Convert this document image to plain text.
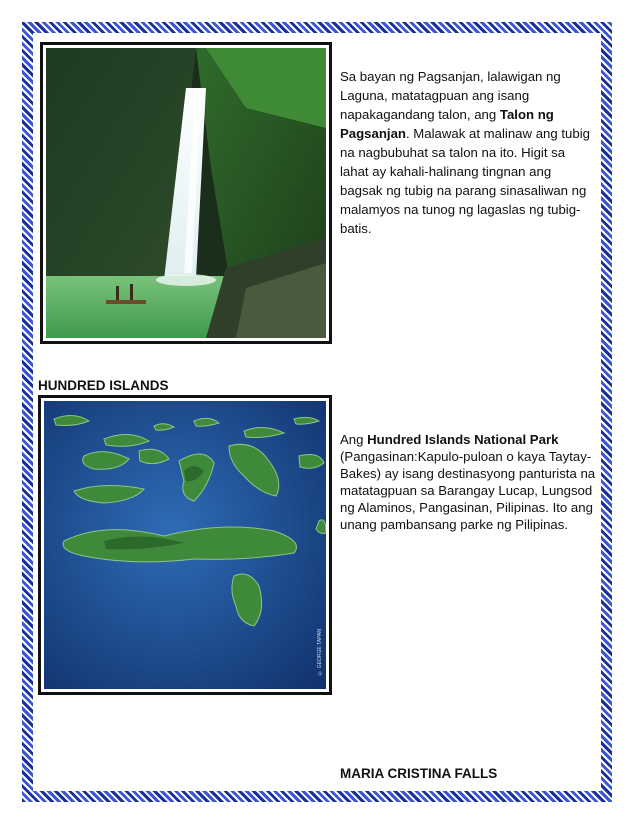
Sa bayan ng Pagsanjan, lalawigan ng Laguna, matatagpuan ang isang napakagandang talon, ang Talon ng Pagsanjan. Malawak at malinaw ang tubig na nagbubuhat sa talon na ito. Higit sa lahat ay kahali-halinang tingnan ang bagsak ng tubig na parang sinasaliwan ng malamyos na tunog ng lagaslas ng tubig-batis.
HUNDRED ISLANDS
© GEORGE TAPAN
Ang Hundred Islands National Park (Pangasinan:Kapulo-puloan o kaya Taytay-Bakes) ay isang destinasyong panturista na matatagpuan sa Barangay Lucap, Lungsod ng Alaminos, Pangasinan, Pilipinas. Ito ang unang pambansang parke ng Pilipinas.
MARIA CRISTINA FALLS
